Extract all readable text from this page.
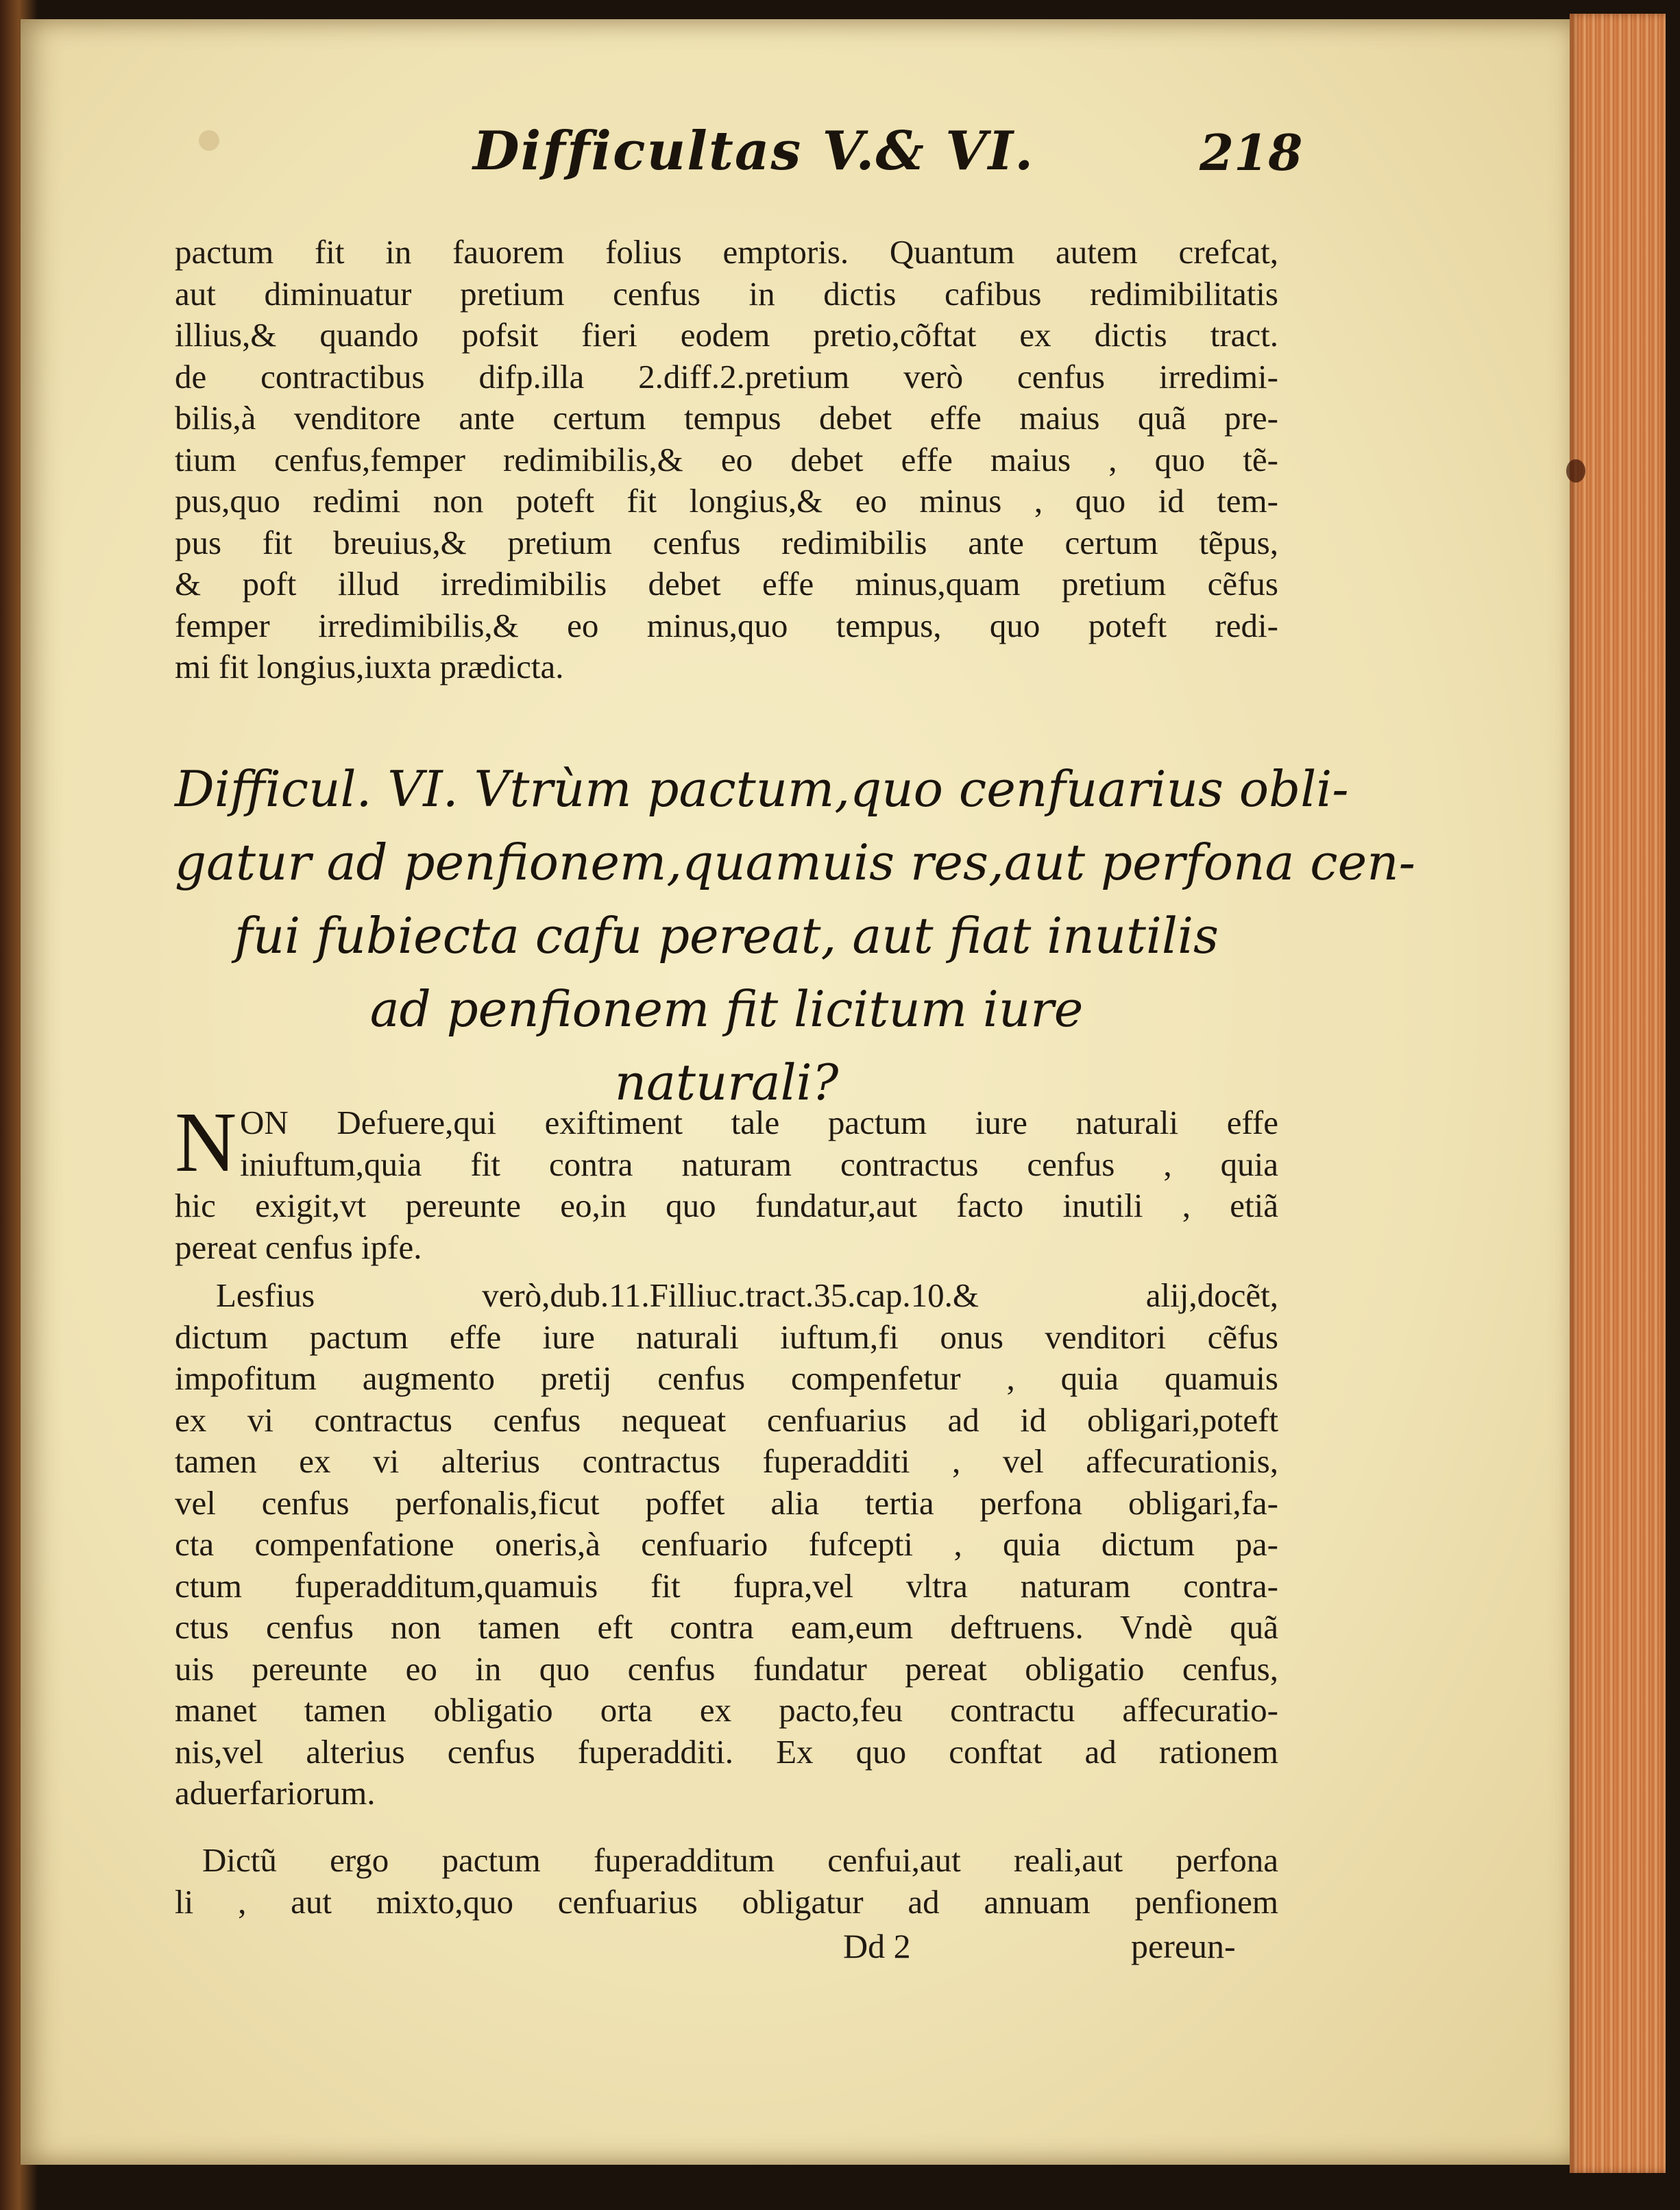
Difficultas V.& VI.	218
pactum fit in fauorem folius emptoris. Quantum autem crefcat,
aut diminuatur pretium cenfus in dictis cafibus redimibilitatis
illius,& quando pofsit fieri eodem pretio,cõftat ex dictis tract.
de contractibus difp.illa 2.diff.2.pretium verò cenfus irredimi-
bilis,à venditore ante certum tempus debet effe maius quã pre-
tium cenfus,femper redimibilis,& eo debet effe maius , quo tẽ-
pus,quo redimi non poteft fit longius,& eo minus , quo id tem-
pus fit breuius,& pretium cenfus redimibilis ante certum tẽpus,
& poft illud irredimibilis debet effe minus,quam pretium cẽfus
femper irredimibilis,& eo minus,quo tempus, quo poteft redi-
mi fit longius,iuxta prædicta.
Difficul. VI. Vtrùm pactum,quo cenfuarius obli-
gatur ad penfionem,quamuis res,aut perfona cen-
fui fubiecta cafu pereat, aut fiat inutilis
ad penfionem fit licitum iure
naturali?
N ON Defuere,qui exiftiment tale pactum iure naturali effe
iniuftum,quia fit contra naturam contractus cenfus , quia
hic exigit,vt pereunte eo,in quo fundatur,aut facto inutili , etiã
pereat cenfus ipfe.
Lesfius verò,dub.11.Filliuc.tract.35.cap.10.& alij,docẽt,
dictum pactum effe iure naturali iuftum,fi onus venditori cẽfus
impofitum augmento pretij cenfus compenfetur , quia quamuis
ex vi contractus cenfus nequeat cenfuarius ad id obligari,poteft
tamen ex vi alterius contractus fuperadditi , vel affecurationis,
vel cenfus perfonalis,ficut poffet alia tertia perfona obligari,fa-
cta compenfatione oneris,à cenfuario fufcepti , quia dictum pa-
ctum fuperadditum,quamuis fit fupra,vel vltra naturam contra-
ctus cenfus non tamen eft contra eam,eum deftruens. Vndè quã
uis pereunte eo in quo cenfus fundatur pereat obligatio cenfus,
manet tamen obligatio orta ex pacto,feu contractu affecuratio-
nis,vel alterius cenfus fuperadditi. Ex quo conftat ad rationem
aduerfariorum.
Dictũ ergo pactum fuperadditum cenfui,aut reali,aut perfona
li , aut mixto,quo cenfuarius obligatur ad annuam penfionem
Dd 2	pereun-
